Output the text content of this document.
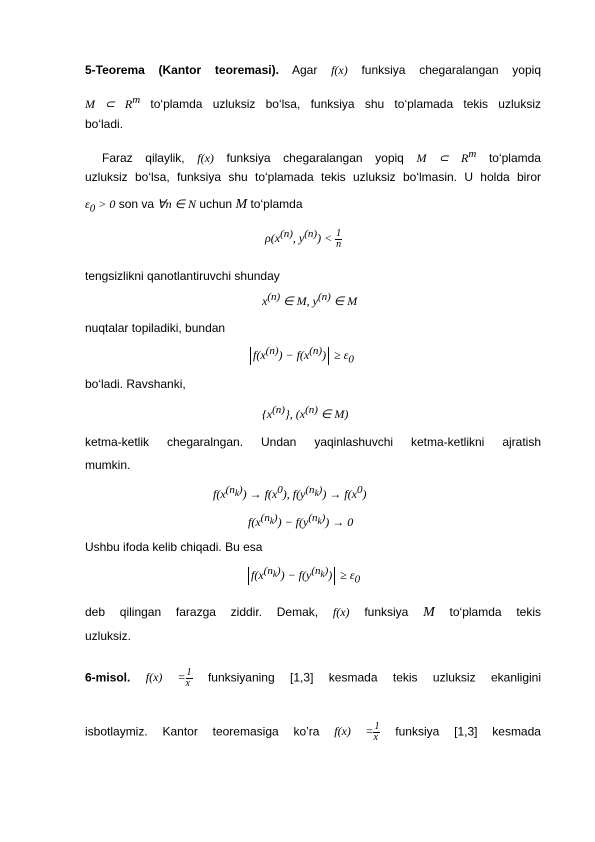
5-Teorema (Kantor teoremasi). Agar f(x) funksiya chegaralangan yopiq
M ⊂ $R^m$ to‘plamda uzluksiz bo‘lsa, funksiya shu to‘plamada tekis uzluksiz
bo‘ladi.
Faraz qilaylik, f(x) funksiya chegaralangan yopiq M ⊂ $R^m$ to‘plamda
uzluksiz bo‘lsa, funksiya shu to‘plamada tekis uzluksiz bo‘lmasin. U holda biror
$\varepsilon_0 > 0$ son va ∀n ∈ N uchun M to‘plamda
$\rho(x^{(n)}$, $y^{(n)}) < \frac{1}{n}$
tengsizlikni qanotlantiruvchi shunday
$x^{(n)}$ ∈ M, $y^{(n)}$ ∈ M
nuqtalar topiladiki, bundan
$f(x^{(n)}) - f(x^{(n)}) \ge \varepsilon_0$
bo‘ladi. Ravshanki,
$\{x^{(n)}\}$, ($x^{(n)}$ ∈ M)
ketma-ketlik chegaralngan. Undan yaqinlashuvchi ketma-ketlikni ajratish
mumkin.
$f(x^{(n_k)}) \to f(x^0)$, $f(y^{(n_k)}) \to f(x^0)$
$f(x^{(n_k)}) - f(y^{(n_k)}) \to 0$
Ushbu ifoda kelib chiqadi. Bu esa
$f(x^{(n_k)}) - f(y^{(n_k)}) \ge \varepsilon_0$
deb qilingan farazga ziddir. Demak, f(x) funksiya M to‘plamda tekis
uzluksiz.
6-misol. $f(x) = \frac{1}{x}$ funksiyaning [1,3] kesmada tekis uzluksiz ekanligini
isbotlaymiz. Kantor teoremasiga ko’ra $f(x) = \frac{1}{x}$ funksiya [1,3] kesmada
